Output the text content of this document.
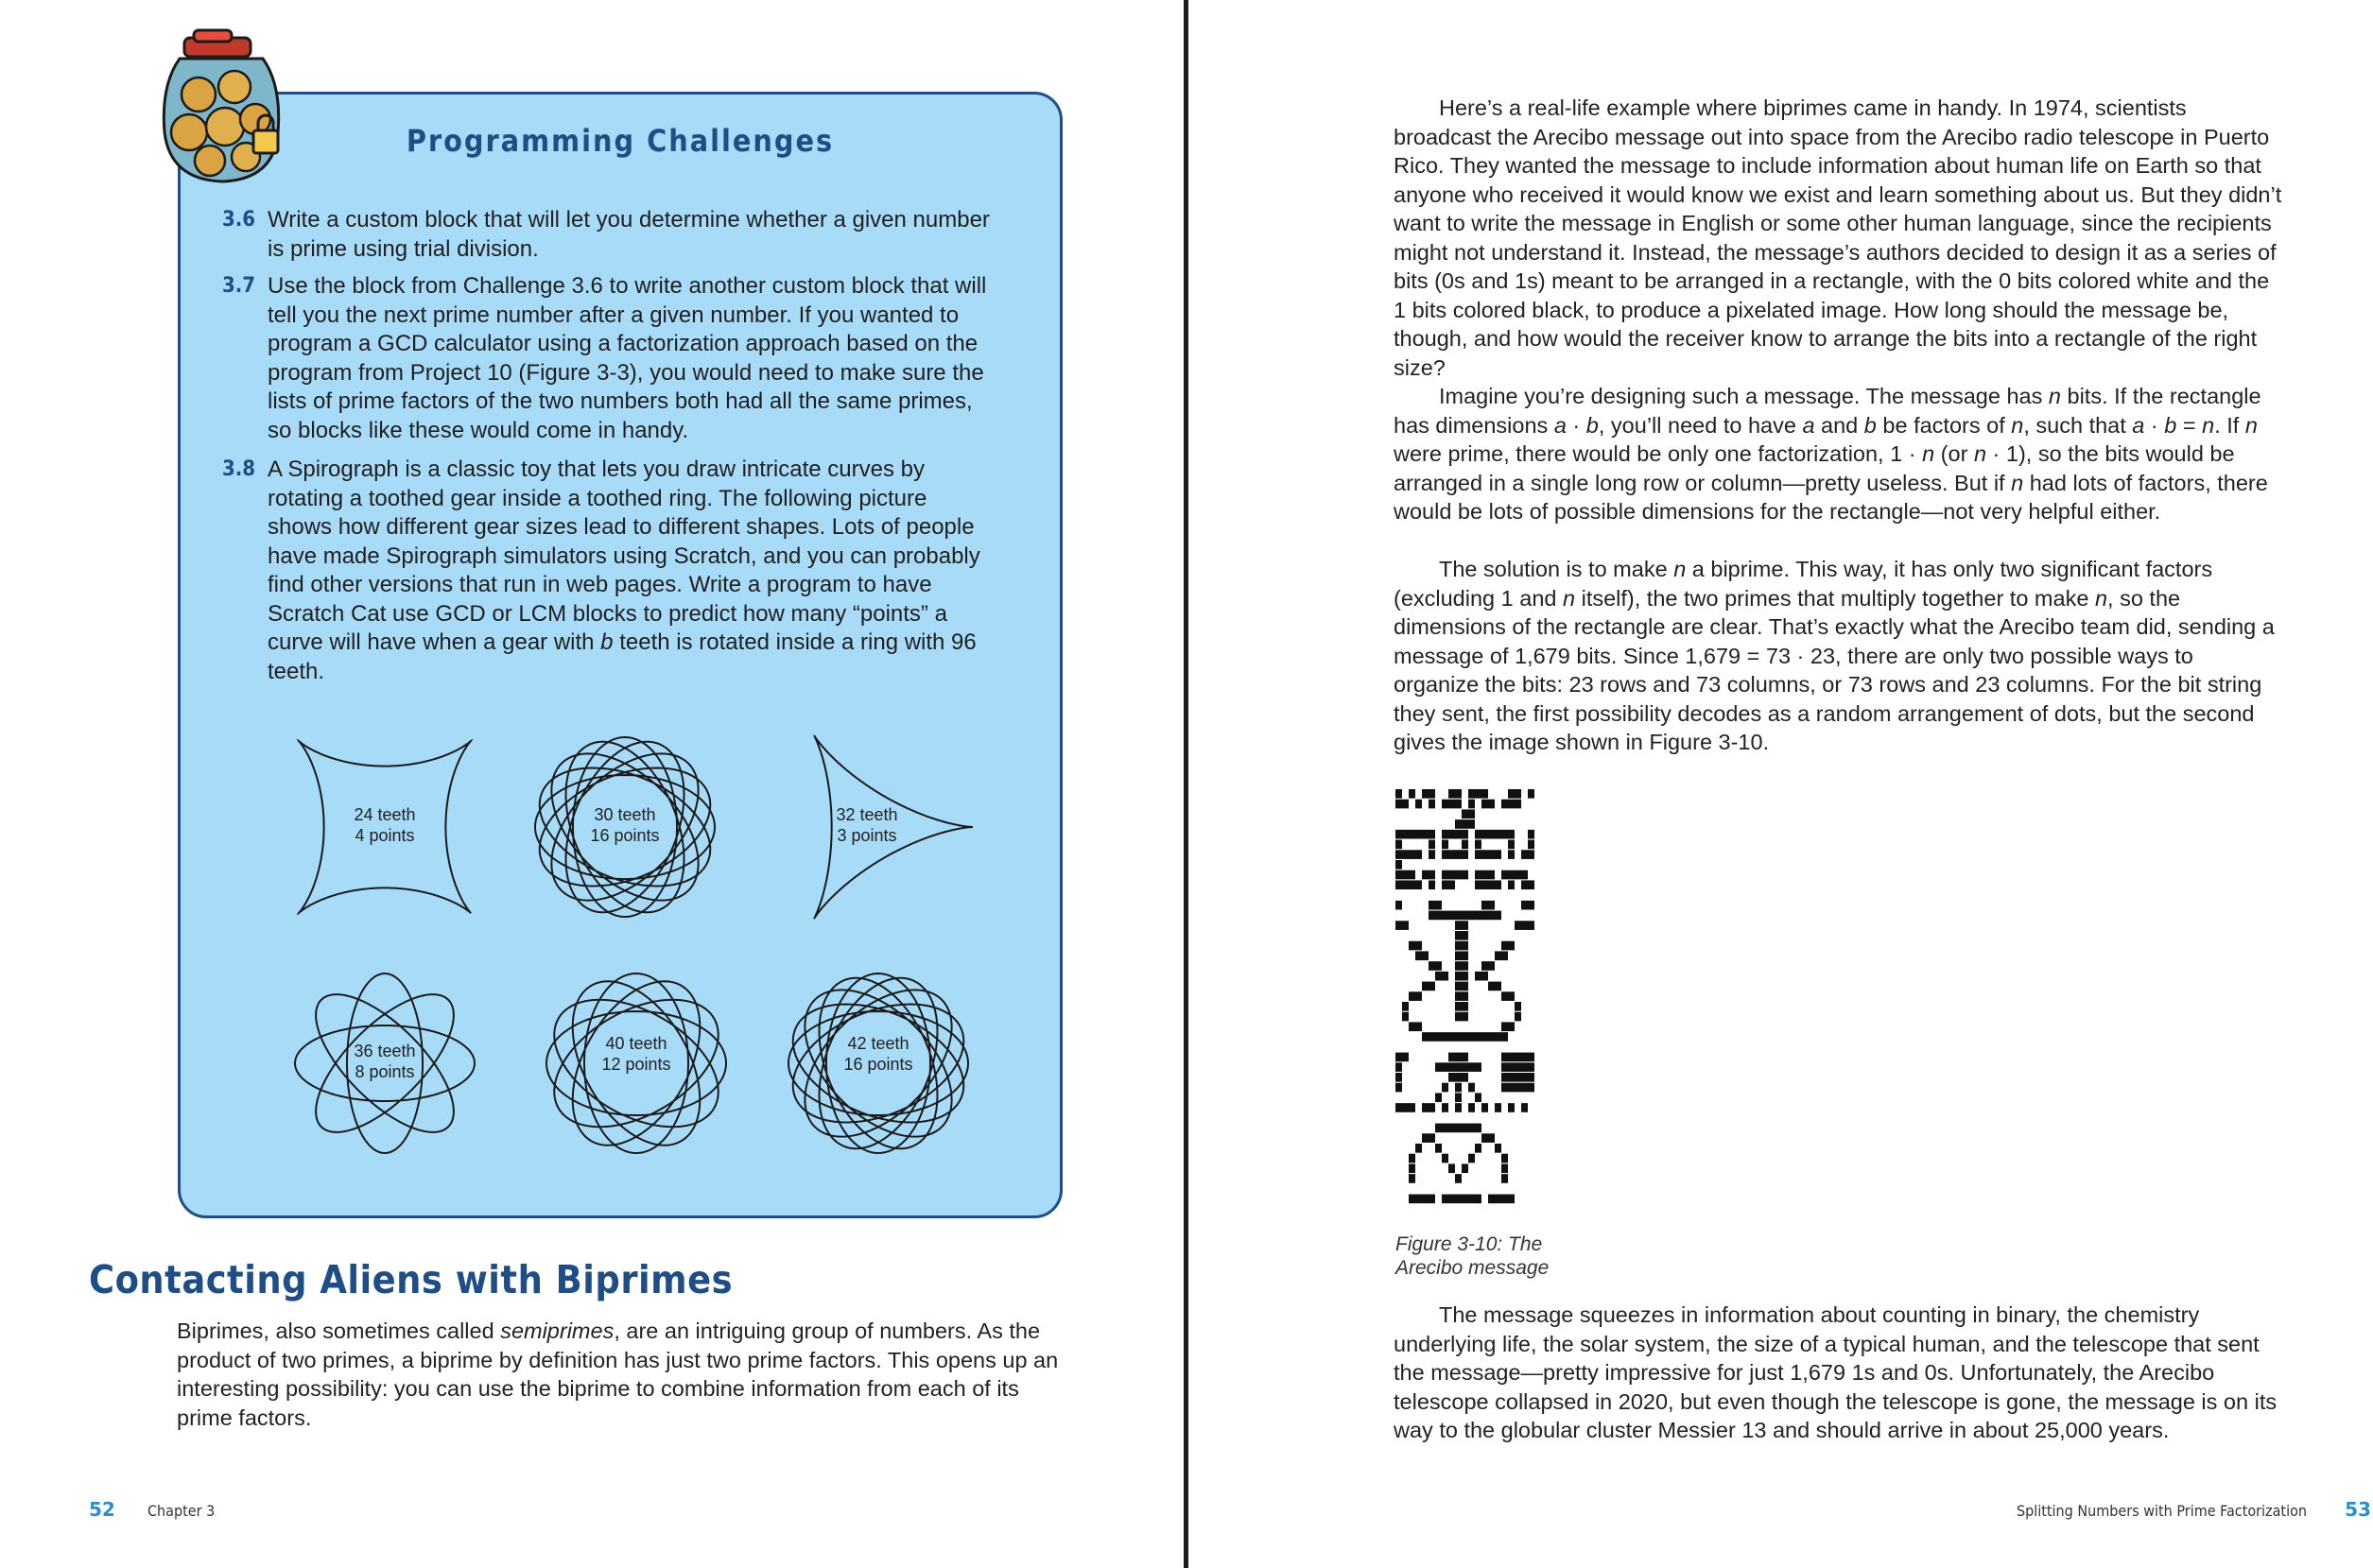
Programming Challenges
3.6 Write a custom block that will let you determine whether a given number is prime using trial division.
3.7 Use the block from Challenge 3.6 to write another custom block that will tell you the next prime number after a given number. If you wanted to program a GCD calculator using a factorization approach based on the program from Project 10 (Figure 3-3), you would need to make sure the lists of prime factors of the two numbers both had all the same primes, so blocks like these would come in handy.
3.8 A Spirograph is a classic toy that lets you draw intricate curves by rotating a toothed gear inside a toothed ring. The following picture shows how different gear sizes lead to different shapes. Lots of people have made Spirograph simulators using Scratch, and you can probably find other versions that run in web pages. Write a program to have Scratch Cat use GCD or LCM blocks to predict how many “points” a curve will have when a gear with b teeth is rotated inside a ring with 96 teeth.
24 teeth
4 points
30 teeth
16 points
32 teeth
3 points
36 teeth
8 points
40 teeth
12 points
42 teeth
16 points
Contacting Aliens with Biprimes
Biprimes, also sometimes called semiprimes, are an intriguing group of numbers. As the product of two primes, a biprime by definition has just two prime factors. This opens up an interesting possibility: you can use the biprime to combine information from each of its prime factors.
52 Chapter 3
Here’s a real-life example where biprimes came in handy. In 1974, scientists broadcast the Arecibo message out into space from the Arecibo radio telescope in Puerto Rico. They wanted the message to include information about human life on Earth so that anyone who received it would know we exist and learn something about us. But they didn’t want to write the message in English or some other human language, since the recipients might not understand it. Instead, the message’s authors decided to design it as a series of bits (0s and 1s) meant to be arranged in a rectangle, with the 0 bits colored white and the 1 bits colored black, to produce a pixelated image. How long should the message be, though, and how would the receiver know to arrange the bits into a rectangle of the right size?
Imagine you’re designing such a message. The message has n bits. If the rectangle has dimensions a · b, you’ll need to have a and b be factors of n, such that a · b = n. If n were prime, there would be only one factorization, 1 · n (or n · 1), so the bits would be arranged in a single long row or column—pretty useless. But if n had lots of factors, there would be lots of possible dimensions for the rectangle—not very helpful either.
The solution is to make n a biprime. This way, it has only two significant factors (excluding 1 and n itself), the two primes that multiply together to make n, so the dimensions of the rectangle are clear. That’s exactly what the Arecibo team did, sending a message of 1,679 bits. Since 1,679 = 73 · 23, there are only two possible ways to organize the bits: 23 rows and 73 columns, or 73 rows and 23 columns. For the bit string they sent, the first possibility decodes as a random arrangement of dots, but the second gives the image shown in Figure 3-10.
Figure 3-10: The Arecibo message
The message squeezes in information about counting in binary, the chemistry underlying life, the solar system, the size of a typical human, and the telescope that sent the message—pretty impressive for just 1,679 1s and 0s. Unfortunately, the Arecibo telescope collapsed in 2020, but even though the telescope is gone, the message is on its way to the globular cluster Messier 13 and should arrive in about 25,000 years.
Splitting Numbers with Prime Factorization 53
